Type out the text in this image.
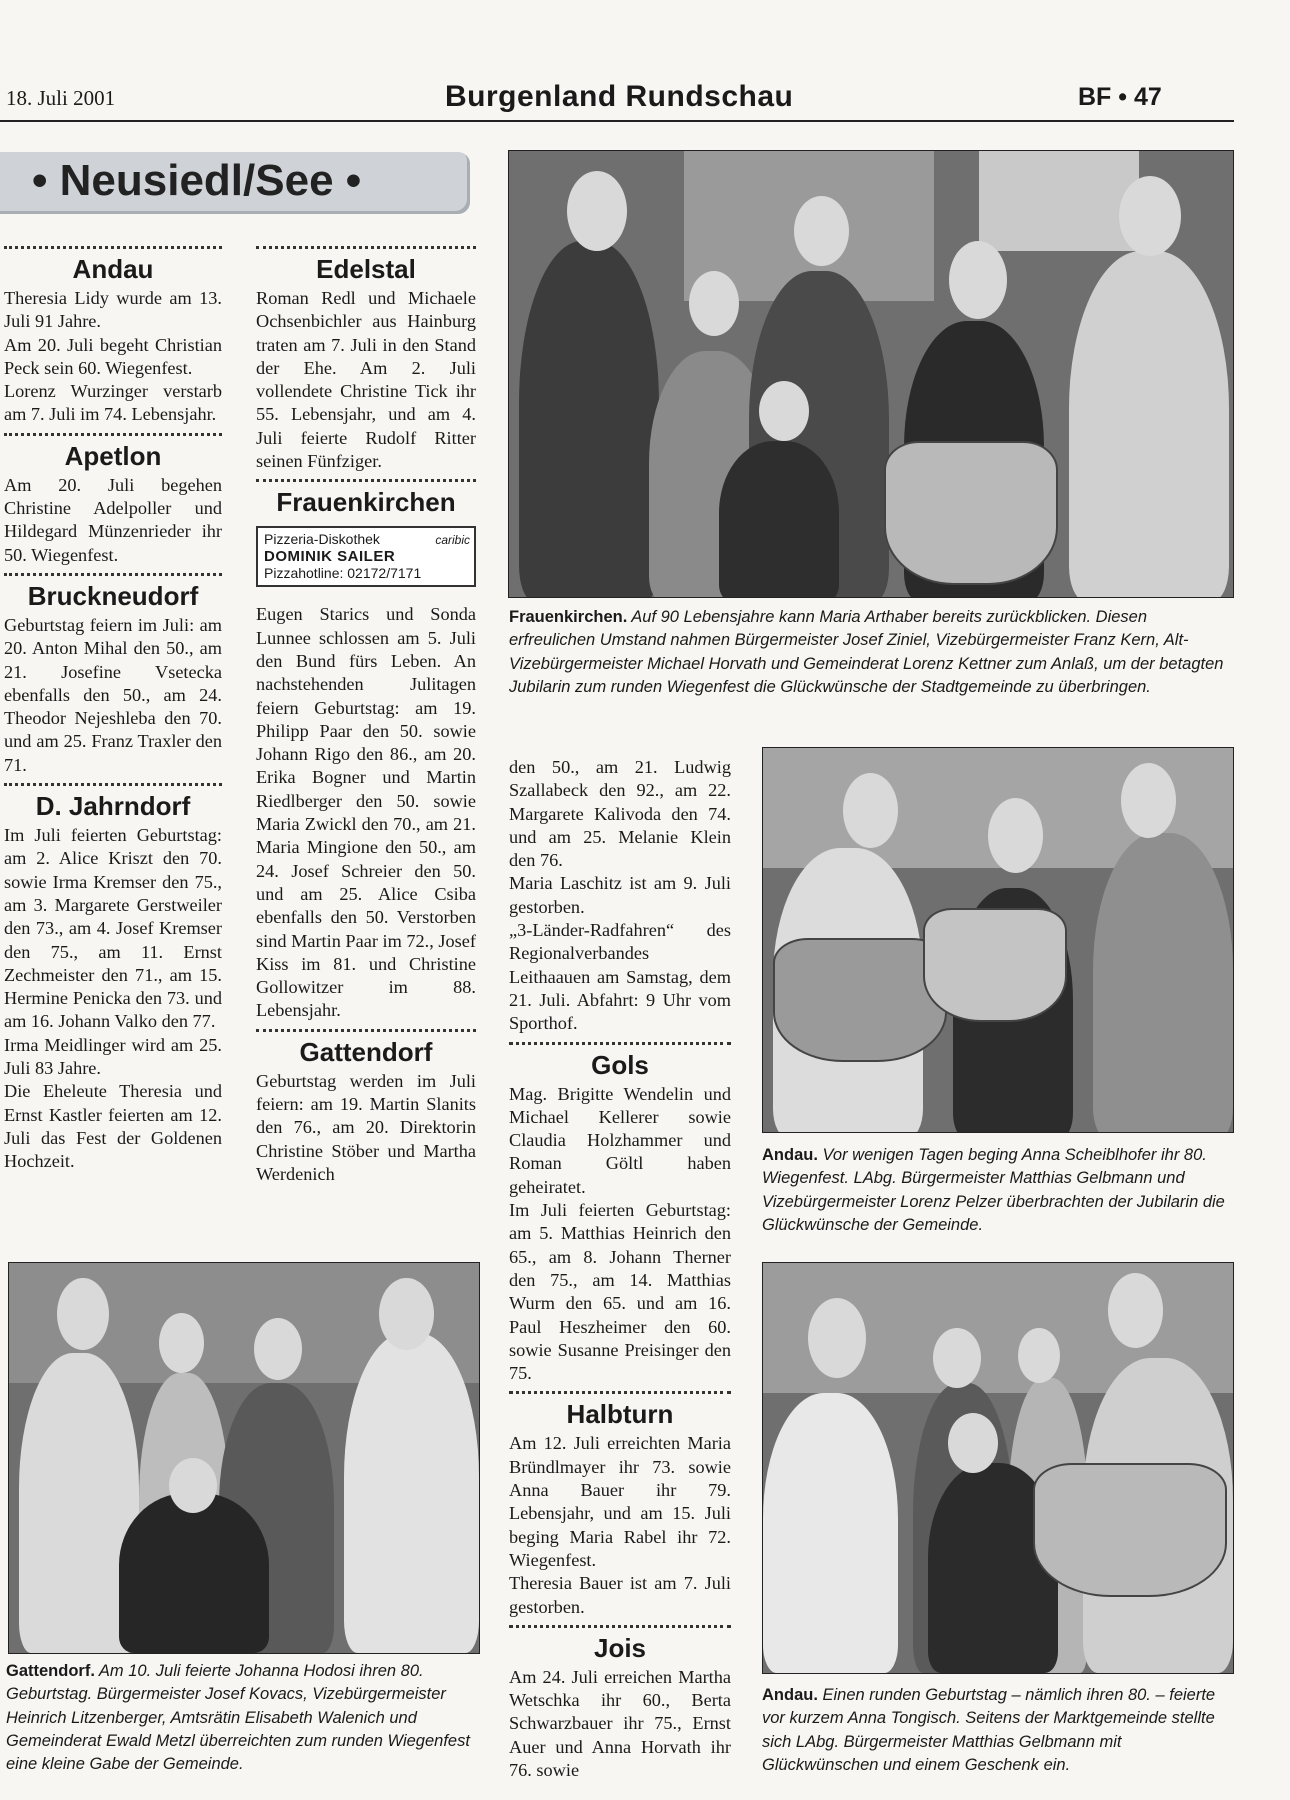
18. Juli 2001	Burgenland Rundschau	BF • 47
• Neusiedl/See •
Andau

Theresia Lidy wurde am 13. Juli 91 Jahre.

Am 20. Juli begeht Christian Peck sein 60. Wiegenfest.

Lorenz Wurzinger verstarb am 7. Juli im 74. Lebensjahr.

Apetlon

Am 20. Juli begehen Christine Adelpoller und Hildegard Münzenrieder ihr 50. Wiegenfest.

Bruckneudorf

Geburtstag feiern im Juli: am 20. Anton Mihal den 50., am 21. Josefine Vsetecka ebenfalls den 50., am 24. Theodor Nejeshleba den 70. und am 25. Franz Traxler den 71.

D. Jahrndorf

Im Juli feierten Geburtstag: am 2. Alice Kriszt den 70. sowie Irma Kremser den 75., am 3. Margarete Gerstweiler den 73., am 4. Josef Kremser den 75., am 11. Ernst Zechmeister den 71., am 15. Hermine Penicka den 73. und am 16. Johann Valko den 77.

Irma Meidlinger wird am 25. Juli 83 Jahre.

Die Eheleute Theresia und Ernst Kastler feierten am 12. Juli das Fest der Goldenen Hochzeit.

Edelstal

Roman Redl und Michaele Ochsenbichler aus Hainburg traten am 7. Juli in den Stand der Ehe. Am 2. Juli vollendete Christine Tick ihr 55. Lebensjahr, und am 4. Juli feierte Rudolf Ritter seinen Fünfziger.

Frauenkirchen
Pizzeria-Diskothek
DOMINIK SAILER
Pizzahotline: 02172/7171
caribic

Eugen Starics und Sonda Lunnee schlossen am 5. Juli den Bund fürs Leben. An nachstehenden Julitagen feiern Geburtstag: am 19. Philipp Paar den 50. sowie Johann Rigo den 86., am 20. Erika Bogner und Martin Riedlberger den 50. sowie Maria Zwickl den 70., am 21. Maria Mingione den 50., am 24. Josef Schreier den 50. und am 25. Alice Csiba ebenfalls den 50. Verstorben sind Martin Paar im 72., Josef Kiss im 81. und Christine Gollowitzer im 88. Lebensjahr.

Gattendorf

Geburtstag werden im Juli feiern: am 19. Martin Slanits den 76., am 20. Direktorin Christine Stöber und Martha Werdenich

den 50., am 21. Ludwig Szallabeck den 92., am 22. Margarete Kalivoda den 74. und am 25. Melanie Klein den 76.

Maria Laschitz ist am 9. Juli gestorben.

„3-Länder-Radfahren“ des Regionalverbandes Leithaauen am Samstag, dem 21. Juli. Abfahrt: 9 Uhr vom Sporthof.

Gols

Mag. Brigitte Wendelin und Michael Kellerer sowie Claudia Holzhammer und Roman Göltl haben geheiratet.

Im Juli feierten Geburtstag: am 5. Matthias Heinrich den 65., am 8. Johann Therner den 75., am 14. Matthias Wurm den 65. und am 16. Paul Heszheimer den 60. sowie Susanne Preisinger den 75.

Halbturn

Am 12. Juli erreichten Maria Bründlmayer ihr 73. sowie Anna Bauer ihr 79. Lebensjahr, und am 15. Juli beging Maria Rabel ihr 72. Wiegenfest.

Theresia Bauer ist am 7. Juli gestorben.

Jois

Am 24. Juli erreichen Martha Wetschka ihr 60., Berta Schwarzbauer ihr 75., Ernst Auer und Anna Horvath ihr 76. sowie

Frauenkirchen. Auf 90 Lebensjahre kann Maria Arthaber bereits zurückblicken. Diesen erfreulichen Umstand nahmen Bürgermeister Josef Ziniel, Vizebürgermeister Franz Kern, Alt-Vizebürgermeister Michael Horvath und Gemeinderat Lorenz Kettner zum Anlaß, um der betagten Jubilarin zum runden Wiegenfest die Glückwünsche der Stadtgemeinde zu überbringen.
Andau. Vor wenigen Tagen beging Anna Scheiblhofer ihr 80. Wiegenfest. LAbg. Bürgermeister Matthias Gelbmann und Vizebürgermeister Lorenz Pelzer überbrachten der Jubilarin die Glückwünsche der Gemeinde.
Gattendorf. Am 10. Juli feierte Johanna Hodosi ihren 80. Geburtstag. Bürgermeister Josef Kovacs, Vizebürgermeister Heinrich Litzenberger, Amtsrätin Elisabeth Walenich und Gemeinderat Ewald Metzl überreichten zum runden Wiegenfest eine kleine Gabe der Gemeinde.
Andau. Einen runden Geburtstag – nämlich ihren 80. – feierte vor kurzem Anna Tongisch. Seitens der Marktgemeinde stellte sich LAbg. Bürgermeister Matthias Gelbmann mit Glückwünschen und einem Geschenk ein.
